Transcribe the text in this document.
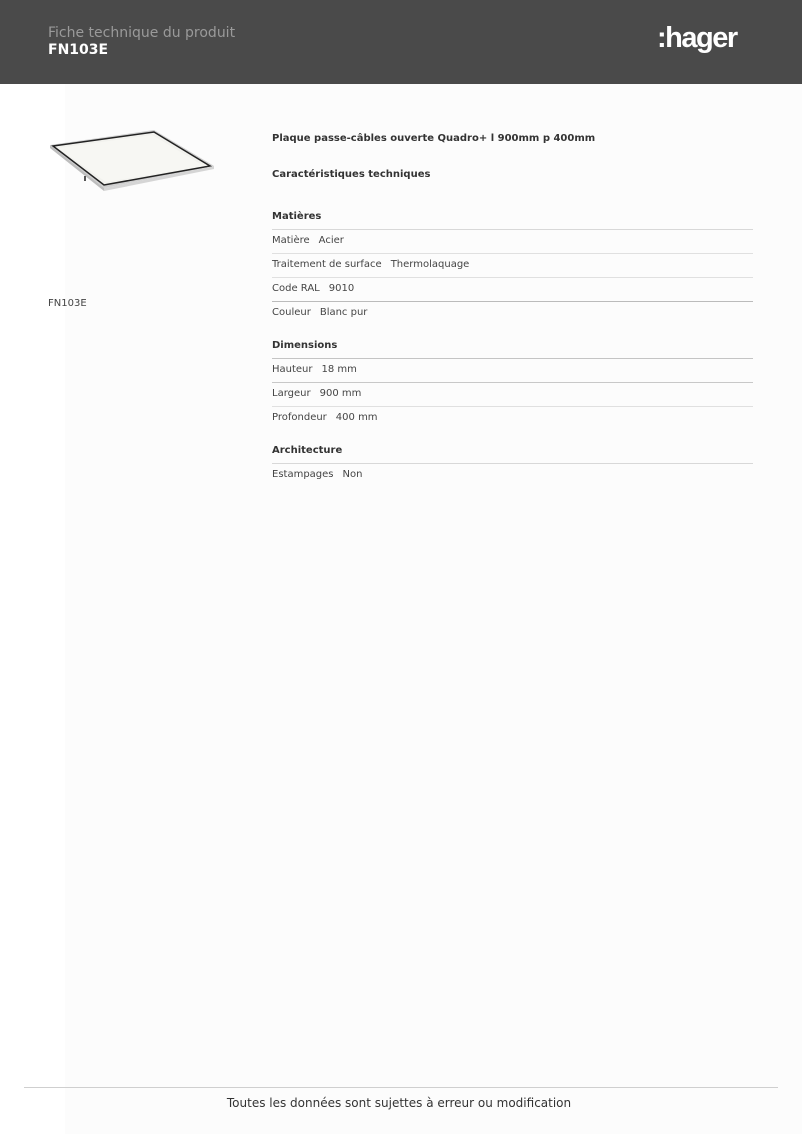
Fiche technique du produit
FN103E	:hager
FN103E
Plaque passe-câbles ouverte Quadro+ l 900mm p 400mm
Caractéristiques techniques
Matières
Matière Acier
Traitement de surface Thermolaquage
Code RAL 9010
Couleur Blanc pur
Dimensions
Hauteur 18 mm
Largeur 900 mm
Profondeur 400 mm
Architecture
Estampages Non
Toutes les données sont sujettes à erreur ou modification
